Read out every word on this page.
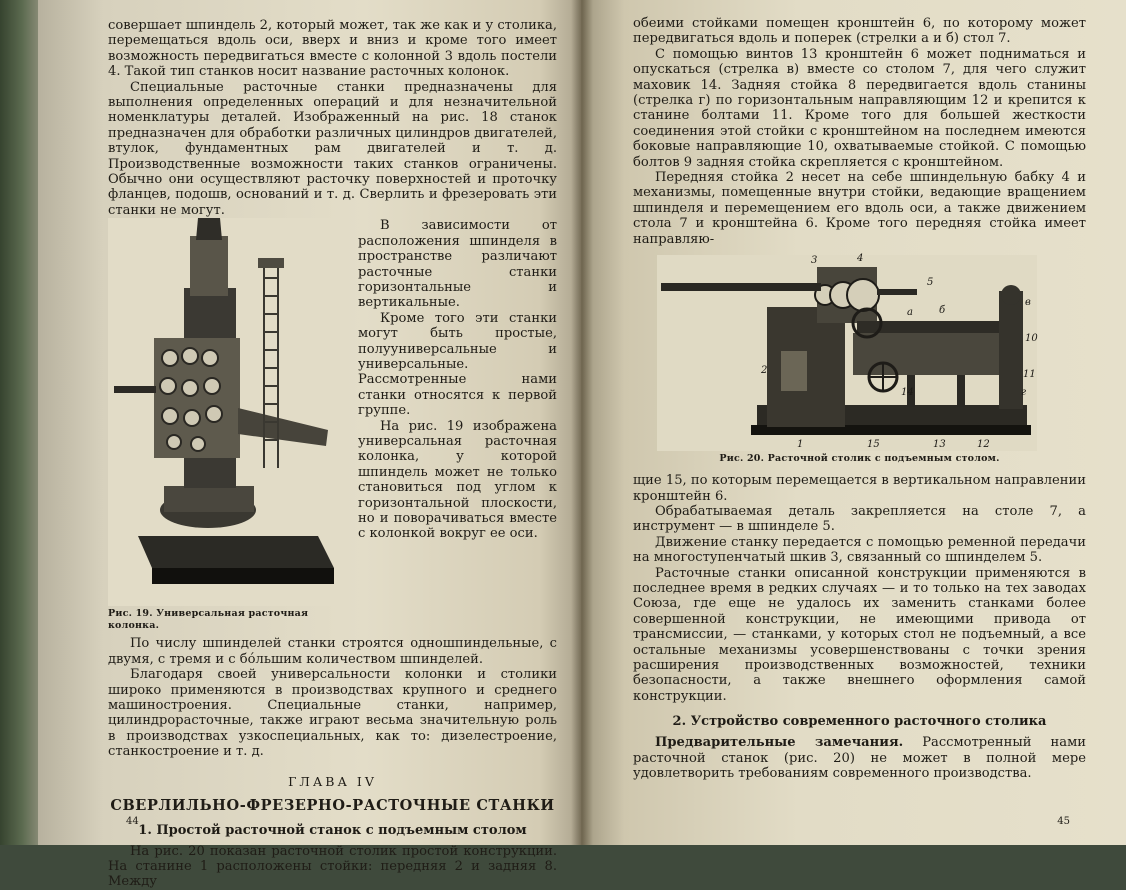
совершает шпиндель 2, который может, так же как и у столика, перемещаться вдоль оси, вверх и вниз и кроме того имеет возможность передвигаться вместе с колонной 3 вдоль постели 4. Такой тип станков носит название расточных колонок.

Специальные расточные станки предназначены для выполнения определенных операций и для незначительной номенклатуры деталей. Изображенный на рис. 18 станок предназначен для обработки различных цилиндров двигателей, втулок, фундаментных рам двигателей и т. д. Производственные возможности таких станков ограничены. Обычно они осуществляют расточку поверхностей и проточку фланцев, подошв, оснований и т. д. Сверлить и фрезеровать эти станки не могут.

Рис. 19. Универсальная расточная колонка.

В зависимости от расположения шпинделя в пространстве различают расточные станки горизонтальные и вертикальные.

Кроме того эти станки могут быть простые, полууниверсальные и универсальные. Рассмотренные нами станки относятся к первой группе.

На рис. 19 изображена универсальная расточная колонка, у которой шпиндель может не только становиться под углом к горизонтальной плоскости, но и поворачиваться вместе с колонкой вокруг ее оси.

По числу шпинделей станки строятся одношпиндельные, с двумя, с тремя и с бóльшим количеством шпинделей.

Благодаря своей универсальности колонки и столики широко применяются в производствах крупного и среднего машиностроения. Специальные станки, например, цилиндрорасточные, также играют весьма значительную роль в производствах узкоспециальных, как то: дизелестроение, станкостроение и т. д.

ГЛАВА IV
СВЕРЛИЛЬНО-ФРЕЗЕРНО-РАСТОЧНЫЕ СТАНКИ
1. Простой расточной станок с подъемным столом

На рис. 20 показан расточной столик простой конструкции. На станине 1 расположены стойки: передняя 2 и задняя 8. Между

44

обеими стойками помещен кронштейн 6, по которому может передвигаться вдоль и поперек (стрелки а и б) стол 7.

С помощью винтов 13 кронштейн 6 может подниматься и опускаться (стрелка в) вместе со столом 7, для чего служит маховик 14. Задняя стойка 8 передвигается вдоль станины (стрелка г) по горизонтальным направляющим 12 и крепится к станине болтами 11. Кроме того для большей жесткости соединения этой стойки с кронштейном на последнем имеются боковые направляющие 10, охватываемые стойкой. С помощью болтов 9 задняя стойка скрепляется с кронштейном.

Передняя стойка 2 несет на себе шпиндельную бабку 4 и механизмы, помещенные внутри стойки, ведающие вращением шпинделя и перемещением его вдоль оси, а также движением стола 7 и кронштейна 6. Кроме того передняя стойка имеет направляю-

3	4
5
2
1
а	б
в
г
10
11
12
13
14
15
Рис. 20. Расточной столик с подъемным столом.

щие 15, по которым перемещается в вертикальном направлении кронштейн 6.

Обрабатываемая деталь закрепляется на столе 7, а инструмент — в шпинделе 5.

Движение станку передается с помощью ременной передачи на многоступенчатый шкив 3, связанный со шпинделем 5.

Расточные станки описанной конструкции применяются в последнее время в редких случаях — и то только на тех заводах Союза, где еще не удалось их заменить станками более совершенной конструкции, не имеющими привода от трансмиссии, — станками, у которых стол не подъемный, а все остальные механизмы усовершенствованы с точки зрения расширения производственных возможностей, техники безопасности, а также внешнего оформления самой конструкции.

2. Устройство современного расточного столика

Предварительные замечания. Рассмотренный нами расточной станок (рис. 20) не может в полной мере удовлетворить требованиям современного производства.

45
